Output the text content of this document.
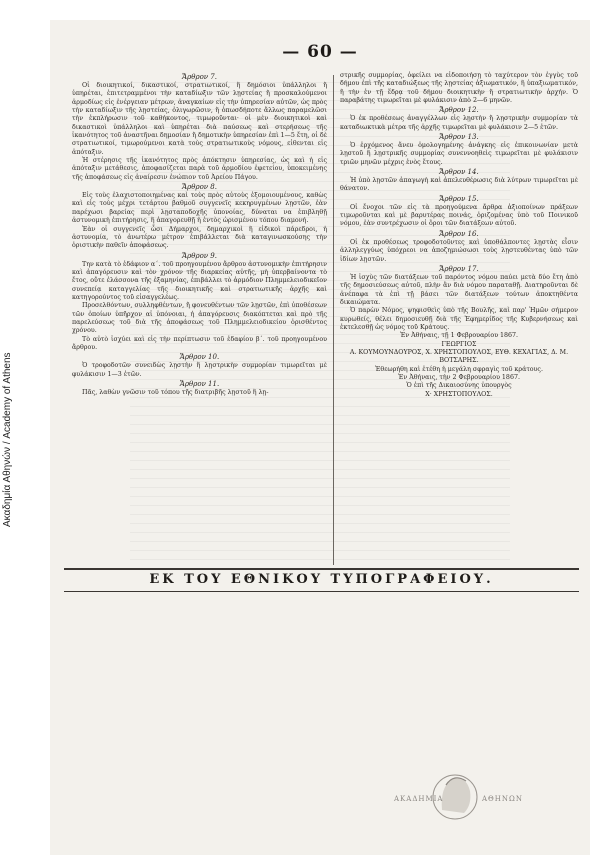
Ακαδημία Αθηνών / Academy of Athens
— 60 —
Ἄρθρον 7.
Οἱ διοικητικοί, δικαστικοί, στρατιωτικοί, ἢ δημόσιοι ὑπάλληλοι ἢ ὑπηρέται, ἐπιτετραμμένοι τὴν καταδίωξιν τῶν λῃστείας ἢ προσκαλούμενοι ἀρμοδίως εἰς ἐνέργειαν μέτρων, ἀναγκαίων εἰς τὴν ὑπηρεσίαν αὐτῶν, ὡς πρὸς τὴν καταδίωξιν τῆς λῃστείας, ὀλιγωρῶσιν, ἢ ὁπωσδήποτε ἄλλως παραμελῶσι τὴν ἐκπλήρωσιν τοῦ καθήκοντος, τιμωροῦνται· οἱ μὲν διοικητικοὶ καὶ δικαστικοὶ ὑπάλληλοι καὶ ὑπηρέται διὰ παύσεως καὶ στερήσεως τῆς ἱκανότητος τοῦ ἀναστῆναι δημοσίαν ἢ δημοτικὴν ὑπηρεσίαν ἐπὶ 1—5 ἔτη, οἱ δὲ στρατιωτικοί, τιμωρούμενοι κατὰ τοὺς στρατιωτικοὺς νόμους, εἰθενται εἰς ἀπόταξιν.
Ἡ στέρησις τῆς ἱκανότητος πρὸς ἀπόκτησιν ὑπηρεσίας, ὡς καὶ ἡ εἰς ἀπόταξιν μετάθεσις, ἀποφασίζεται παρὰ τοῦ ἁρμοδίου ἐφετείου, ὑποκειμένης τῆς ἀποφάσεως εἰς ἀναίρεσιν ἐνώπιον τοῦ Ἀρείου Πάγου.
Ἄρθρον 8.
Εἰς τοὺς ἐλαχιστοποιημένας καὶ τοὺς πρὸς αὐτοὺς ἐξομοιουμένους, καθὼς καὶ εἰς τοὺς μέχρι τετάρτου βαθμοῦ συγγενεῖς κεκηρυγμένων λῃστῶν, ἐὰν παρέχωσι βαρείας περὶ λῃσταποδοχῆς ὑπονοίας, δύναται να ἐπιβληθῇ ἀστυνομικὴ ἐπιτήρησις, ἢ ἀπαγορευθῇ ἡ ἐντὸς ὡρισμένου τόπου διαμονή.
Ἐὰν οἱ συγγενεῖς ὦσι Δήμαρχοι, δημαρχικοὶ ἢ εἰδικοὶ πάρεδροι, ἡ ἀστυνομία, τὸ ἀνωτέρω μέτρον ἐπιβάλλεται διὰ καταγινωσκούσης τὴν ὁριστικὴν παθεῖν ἀποφάσεως.
Ἄρθρον 9.
Την κατὰ τὸ ἐδάφιον α΄. τοῦ προηγουμένου ἄρθρου ἀστυνομικὴν ἐπιτήρησιν καὶ ἀπαγόρευσιν καὶ τὸν χρόνον τῆς διαρκείας αὐτῆς, μὴ ὑπερβαίνοντα τὸ ἔτος, οὔτε ἐλάσσονα τῆς ἑξαμηνίας, ἐπιβάλλει τὸ ἁρμόδιον Πλημμελειοδικεῖον συνεπείᾳ καταγγελίας τῆς διοικητικῆς καὶ στρατιωτικῆς ἀρχῆς καὶ κατηγορούντος τοῦ εἰσαγγελέως.
Προσελθόντων, συλληφθέντων, ἢ φονευθέντων τῶν λῃστῶν, ἐπὶ ὑποθέσεων τῶν ὁποίων ὑπῆρχον αἱ ὑπόνοιαι, ἡ ἀπαγόρευσις διακόπτεται καὶ πρὸ τῆς παρελεύσεως τοῦ διὰ τῆς ἀποφάσεως τοῦ Πλημμελειοδικείου ὁρισθέντος χρόνου.
Τὸ αὐτὸ ἰσχύει καὶ εἰς τὴν περίπτωσιν τοῦ ἐδαφίου β΄. τοῦ προηγουμένου ἄρθρου.
Ἄρθρον 10.
Ὁ τροφοδοτῶν συνειδὼς λῃστὴν ἢ λῃστρικὴν συμμορίαν τιμωρεῖται μὲ φυλάκισιν 1—3 ἐτῶν.
Ἄρθρον 11.
Πᾶς, λαθὼν γνῶσιν τοῦ τόπου τῆς διατριβῆς λῃστοῦ ἢ λῃ-
στρικῆς συμμορίας, ὀφείλει να εἰδοποιήσῃ τὸ ταχύτερον τὸν ἐγγὺς τοῦ δήμου ἐπὶ τῆς καταδιώξεως τῆς λῃστείας ἀξιωματικόν, ἢ ὑπαξιωματικόν, ἢ τὴν ἐν τῇ ἕδρᾳ τοῦ δήμου διοικητικὴν ἢ στρατιωτικὴν ἀρχήν. Ὁ παραβάτης τιμωρεῖται μὲ φυλάκισιν ἀπὸ 2—6 μηνῶν.
Ἄρθρον 12.
Ὁ ἐκ προθέσεως ἀναγγέλλων εἰς λῃστὴν ἢ λῃστρικὴν συμμορίαν τὰ καταδιωκτικὰ μέτρα τῆς ἀρχῆς τιμωρεῖται μὲ φυλάκισιν 2—5 ἐτῶν.
Ἄρθρον 13.
Ὁ ἐρχόμενος ἄνευ ὁμολογημένης ἀνάγκης εἰς ἐπικοινωνίαν μετὰ λῃστοῦ ἢ λῃστρικῆς συμμορίας συνεννοηθεὶς τιμωρεῖται μὲ φυλάκισιν τριῶν μηνῶν μέχρις ἑνὸς ἔτους.
Ἄρθρον 14.
Ἡ ὑπὸ λῃστῶν ἀπαγωγὴ καὶ ἀπελευθέρωσις διὰ λύτρων τιμωρεῖται μὲ θάνατον.
Ἄρθρον 15.
Οἱ ἔνοχοι τῶν εἰς τὰ προηγούμενα ἄρθρα ἀξιοποίνων πράξεων τιμωροῦνται καὶ μὲ βαρυτέρας ποινάς, ὁριζομένας ὑπὸ τοῦ Ποινικοῦ νόμου, ἐὰν συντρέχωσιν οἱ ὅροι τῶν διατάξεων αὐτοῦ.
Ἄρθρον 16.
Οἱ ἐκ προθέσεως τροφοδοτοῦντες καὶ ὑποθάλποντες λῃστὰς εἶσιν ἀλληλεγγύως ὑπόχρεοι να ἀποζημιώσωσι τοὺς λῃστευθέντας ὑπὸ τῶν ἰδίων λῃστῶν.
Ἄρθρον 17.
Ἡ ἰσχὺς τῶν διατάξεων τοῦ παρόντος νόμου παύει μετὰ δύο ἔτη ἀπὸ τῆς δημοσιεύσεως αὐτοῦ, πλὴν ἂν διὰ νόμου παραταθῇ. Διατηροῦνται δὲ ἀνέπαφα τὰ ἐπὶ τῇ βάσει τῶν διατάξεων τούτων ἀποκτηθέντα δικαιώματα.
Ὁ παρὼν Νόμος, ψηφισθεὶς ὑπὸ τῆς Βουλῆς, καὶ παρ' Ἡμῶν σήμερον κυρωθείς, θέλει δημοσιευθῇ διὰ τῆς Ἐφημερίδος τῆς Κυβερνήσεως καὶ ἐκτελεσθῇ ὡς νόμος τοῦ Κράτους.
Ἐν Ἀθήναις, τῇ 1 Φεβρουαρίου 1867.
ΓΕΩΡΓΙΟΣ
Α. ΚΟΥΜΟΥΝΔΟΥΡΟΣ, Χ. ΧΡΗΣΤΟΠΟΥΛΟΣ, ΕΥΘ. ΚΕΧΑΓΙΑΣ, Δ. Μ. ΒΟΤΣΑΡΗΣ.
Ἐθεωρήθη καὶ ἐτέθη ἡ μεγάλη σφραγὶς τοῦ κράτους.
Ἐν Ἀθήναις, τὴν 2 Φεβρουαρίου 1867.
Ὁ ἐπὶ τῆς Δικαιοσύνης ὑπουργὸς
Χ· ΧΡΗΣΤΟΠΟΥΛΟΣ.
ΕΚ ΤΟΥ ΕΘΝΙΚΟΥ ΤΥΠΟΓΡΑΦΕΙΟΥ.
ΑΚΑΔΗΜΙΑ	ΑΘΗΝΩΝ
